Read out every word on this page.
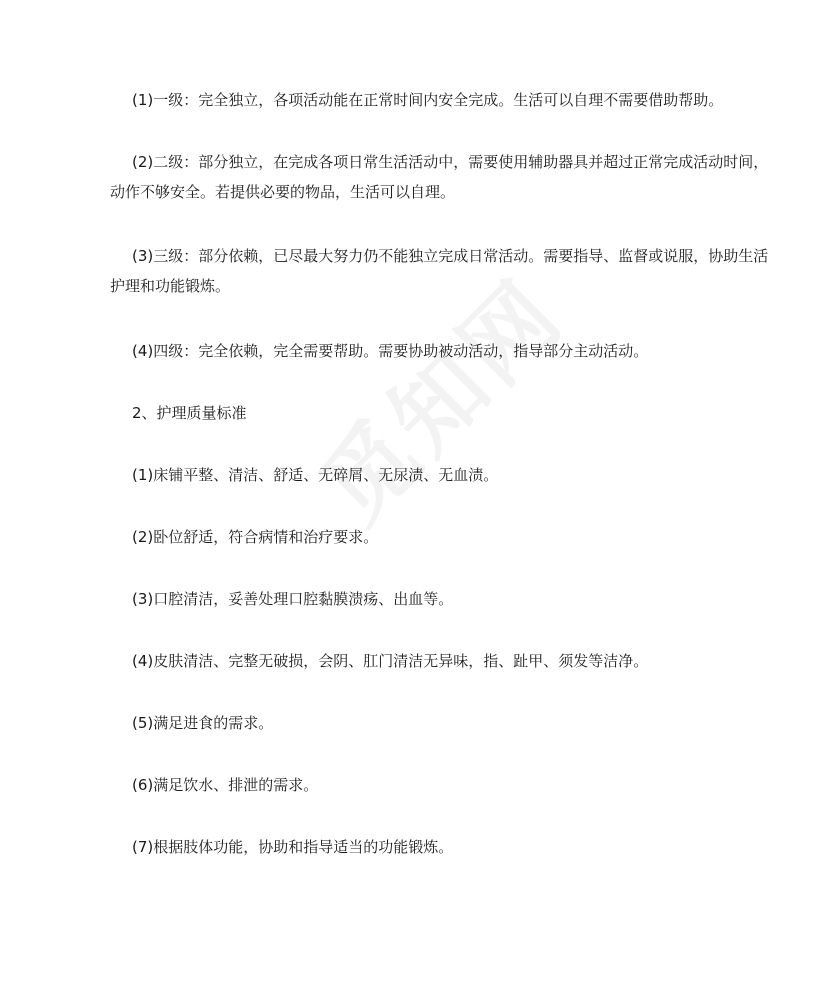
(1)一级：完全独立，各项活动能在正常时间内安全完成。生活可以自理不需要借助帮助。

(2)二级：部分独立，在完成各项日常生活活动中，需要使用辅助器具并超过正常完成活动时间，动作不够安全。若提供必要的物品，生活可以自理。

(3)三级：部分依赖，已尽最大努力仍不能独立完成日常活动。需要指导、监督或说服，协助生活护理和功能锻炼。

(4)四级：完全依赖，完全需要帮助。需要协助被动活动，指导部分主动活动。

2、护理质量标准

(1)床铺平整、清洁、舒适、无碎屑、无尿渍、无血渍。

(2)卧位舒适，符合病情和治疗要求。

(3)口腔清洁，妥善处理口腔黏膜溃疡、出血等。

(4)皮肤清洁、完整无破损，会阴、肛门清洁无异味，指、趾甲、须发等洁净。

(5)满足进食的需求。

(6)满足饮水、排泄的需求。

(7)根据肢体功能，协助和指导适当的功能锻炼。
